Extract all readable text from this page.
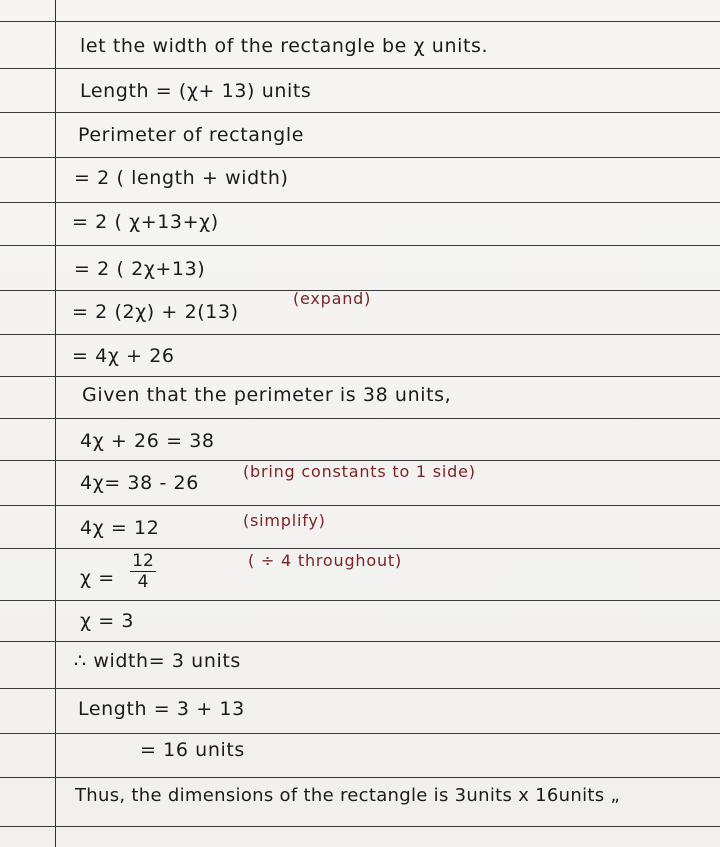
let the width of the rectangle be χ units.
Length = (χ+ 13) units
Perimeter of rectangle
= 2 ( length + width)
= 2 ( χ+13+χ)
= 2 ( 2χ+13)
= 2 (2χ) + 2(13)
(expand)
= 4χ + 26
Given that the perimeter is 38 units,
4χ + 26 = 38
4χ= 38 - 26
(bring constants to 1 side)
4χ = 12	(simplify)
χ =
12
4
( ÷ 4 throughout)
χ = 3
∴ width= 3 units
Length = 3 + 13
= 16 units
Thus, the dimensions of the rectangle is 3units x 16units „
